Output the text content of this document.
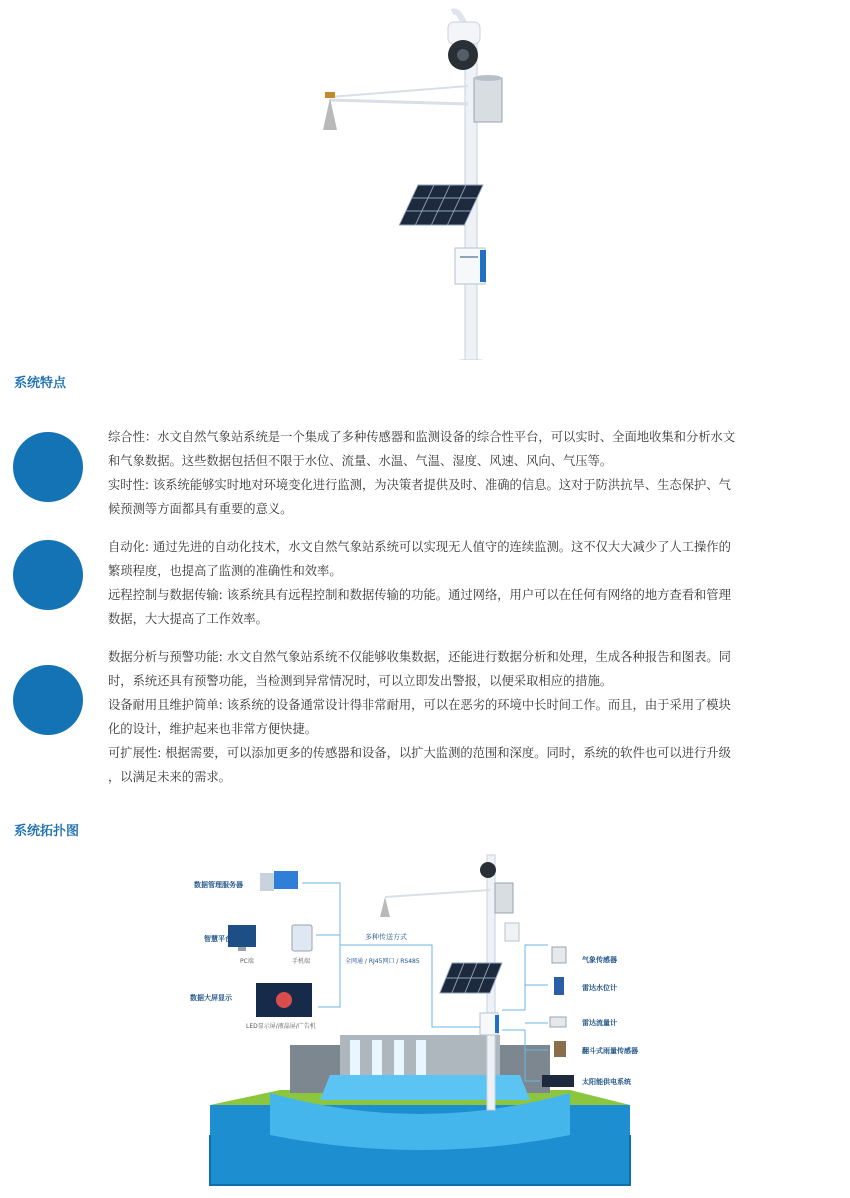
系统特点

综合性：水文自然气象站系统是一个集成了多种传感器和监测设备的综合性平台，可以实时、全面地收集和分析水文

和气象数据。这些数据包括但不限于水位、流量、水温、气温、湿度、风速、风向、气压等。

实时性: 该系统能够实时地对环境变化进行监测，为决策者提供及时、准确的信息。这对于防洪抗旱、生态保护、气

候预测等方面都具有重要的意义。

自动化: 通过先进的自动化技术，水文自然气象站系统可以实现无人值守的连续监测。这不仅大大减少了人工操作的

繁琐程度，也提高了监测的准确性和效率。

远程控制与数据传输: 该系统具有远程控制和数据传输的功能。通过网络，用户可以在任何有网络的地方查看和管理

数据，大大提高了工作效率。

数据分析与预警功能: 水文自然气象站系统不仅能够收集数据，还能进行数据分析和处理，生成各种报告和图表。同

时，系统还具有预警功能，当检测到异常情况时，可以立即发出警报，以便采取相应的措施。

设备耐用且维护简单: 该系统的设备通常设计得非常耐用，可以在恶劣的环境中长时间工作。而且，由于采用了模块

化的设计，维护起来也非常方便快捷。

可扩展性: 根据需要，可以添加更多的传感器和设备，以扩大监测的范围和深度。同时，系统的软件也可以进行升级

，以满足未来的需求。

系统拓扑图
数据管理服务器
智慧平台
PC端	手机端
数据大屏显示
LED显示屏/液晶屏/广告机
多种传送方式
全网通 / RJ45网口 / RS485	气象传感器
雷达水位计
雷达流量计
翻斗式雨量传感器
太阳能供电系统
